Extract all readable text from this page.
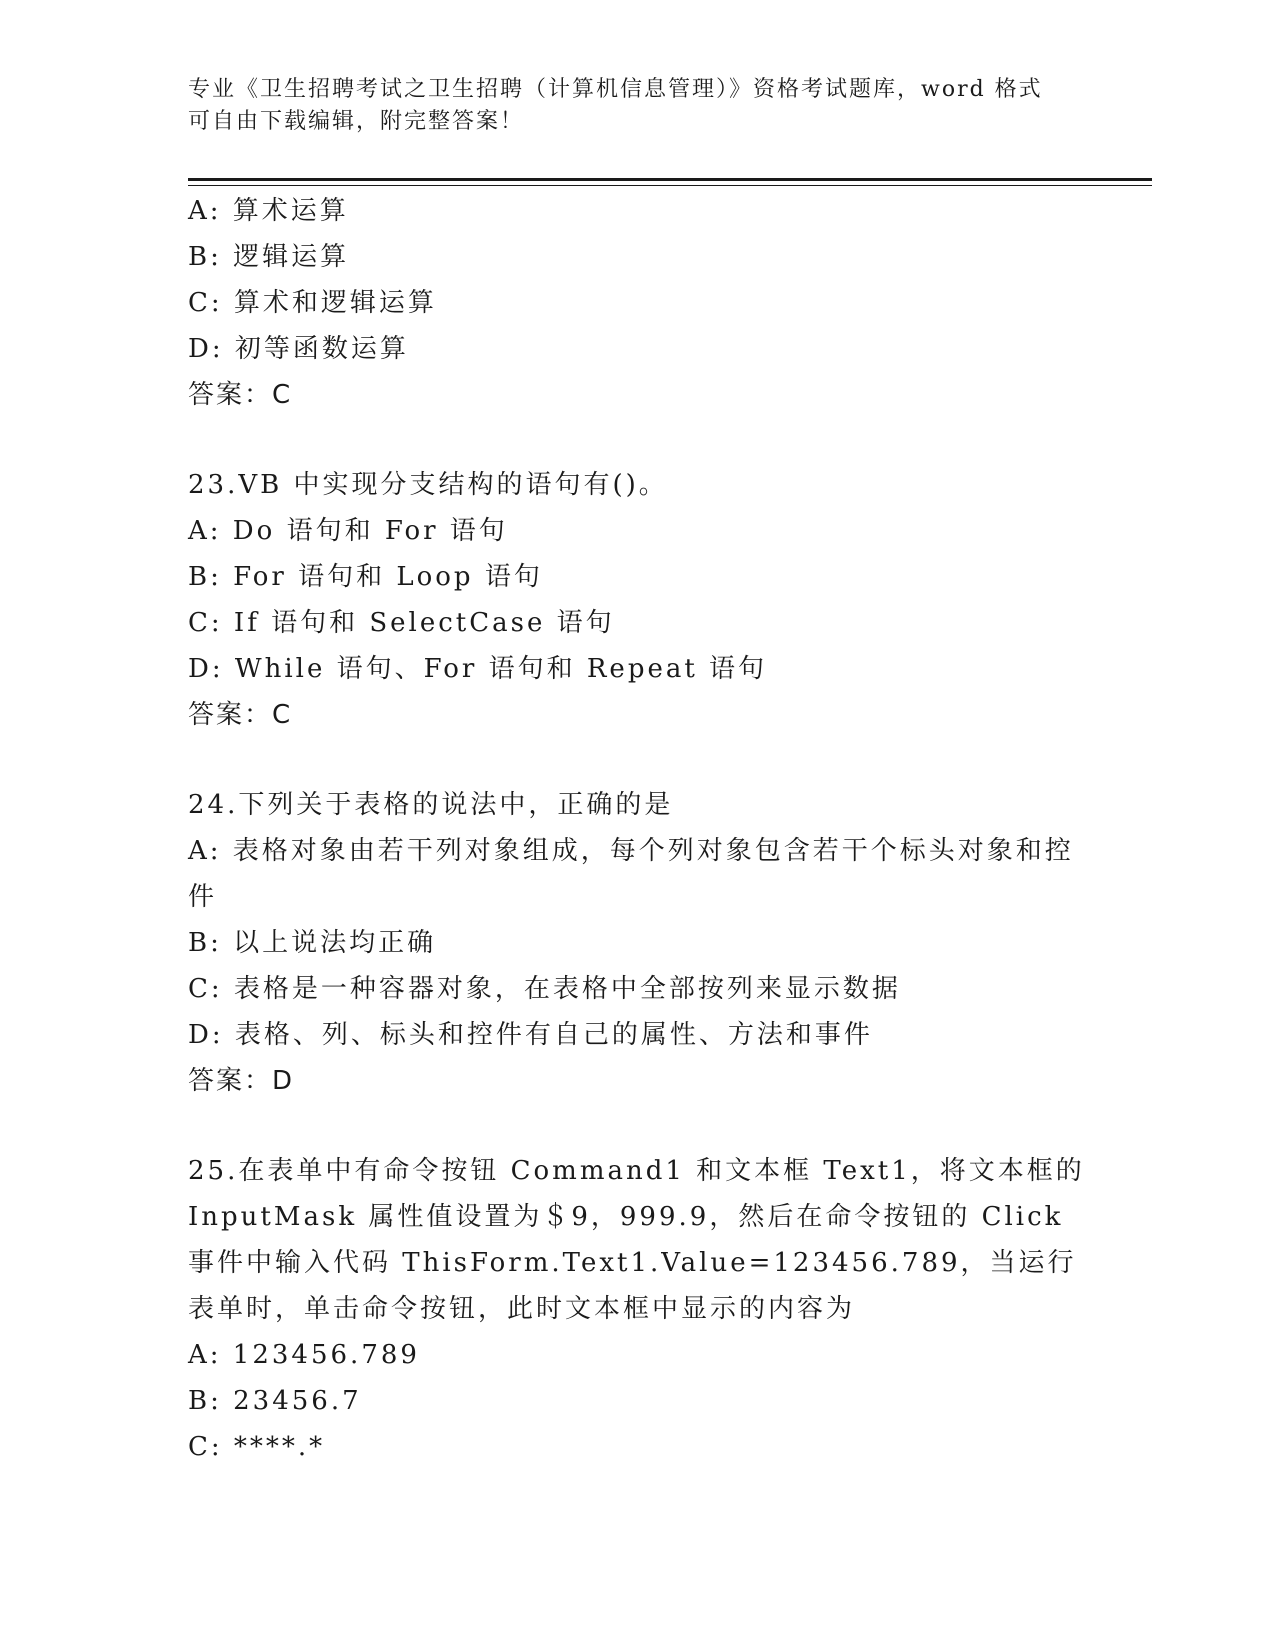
专业《卫生招聘考试之卫生招聘（计算机信息管理）》资格考试题库，word 格式
可自由下载编辑，附完整答案！
A: 算术运算
B: 逻辑运算
C: 算术和逻辑运算
D: 初等函数运算
答案：C
23.VB 中实现分支结构的语句有()。
A: Do 语句和 For 语句
B: For 语句和 Loop 语句
C: If 语句和 SelectCase 语句
D: While 语句、For 语句和 Repeat 语句
答案：C
24.下列关于表格的说法中，正确的是
A: 表格对象由若干列对象组成，每个列对象包含若干个标头对象和控件
B: 以上说法均正确
C: 表格是一种容器对象，在表格中全部按列来显示数据
D: 表格、列、标头和控件有自己的属性、方法和事件
答案：D
25.在表单中有命令按钮 Command1 和文本框 Text1，将文本框的 InputMask 属性值设置为＄9，999.9，然后在命令按钮的 Click 事件中输入代码 ThisForm.Text1.Value=123456.789，当运行表单时，单击命令按钮，此时文本框中显示的内容为
A: 123456.789
B: 23456.7
C: ****.*
